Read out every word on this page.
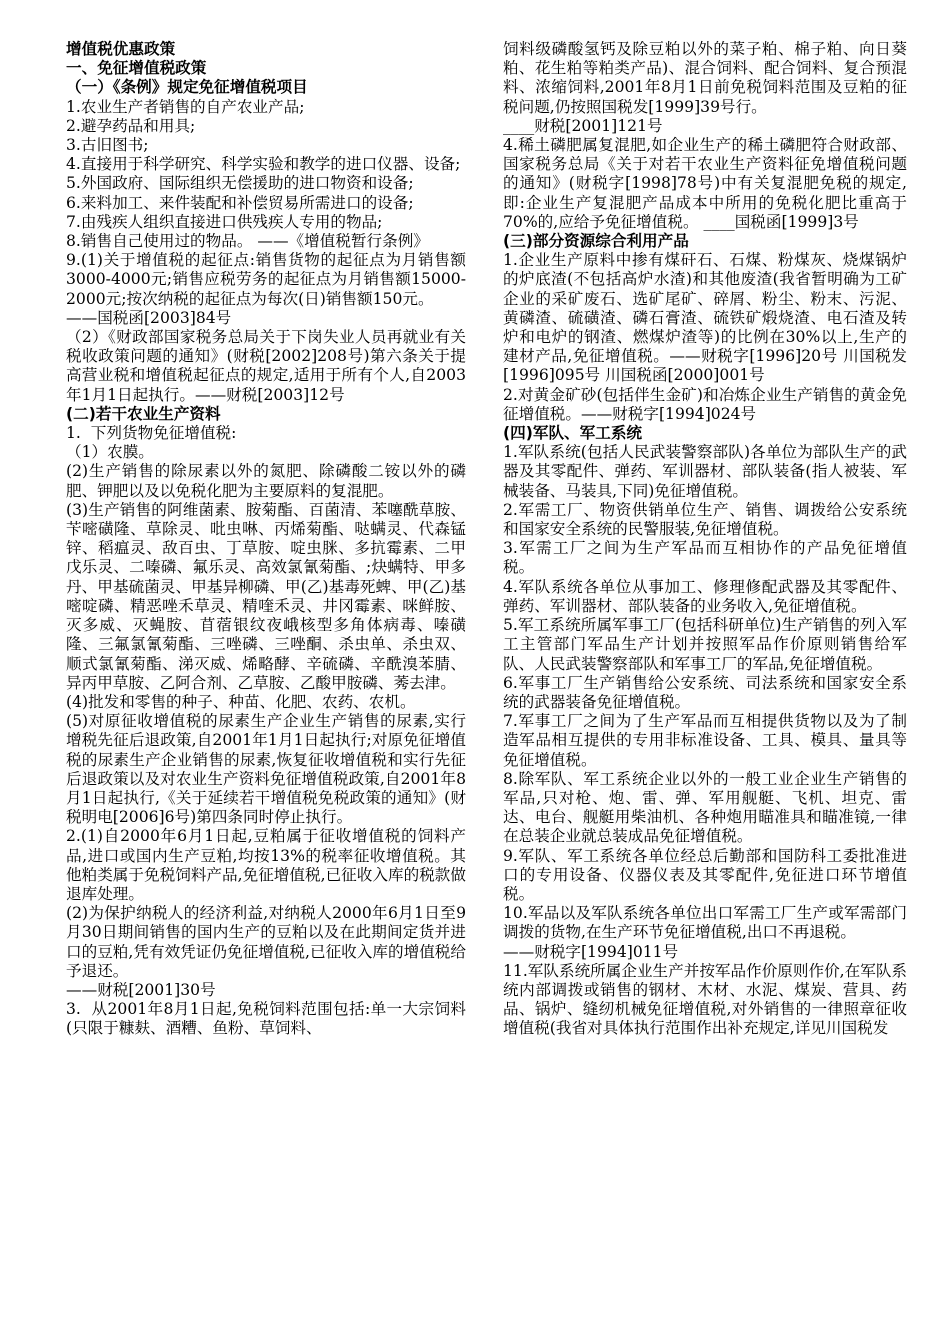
增值税优惠政策

一、免征增值税政策

（一）《条例》规定免征增值税项目

1.农业生产者销售的自产农业产品;

2.避孕药品和用具;

3.古旧图书;

4.直接用于科学研究、科学实验和教学的进口仪器、设备;

5.外国政府、国际组织无偿援助的进口物资和设备;

6.来料加工、来件装配和补偿贸易所需进口的设备;

7.由残疾人组织直接进口供残疾人专用的物品;

8.销售自己使用过的物品。 ——《增值税暂行条例》

9.(1)关于增值税的起征点:销售货物的起征点为月销售额3000-4000元;销售应税劳务的起征点为月销售额15000-2000元;按次纳税的起征点为每次(日)销售额150元。

——国税函[2003]84号

（2）《财政部国家税务总局关于下岗失业人员再就业有关税收政策问题的通知》(财税[2002]208号)第六条关于提高营业税和增值税起征点的规定,适用于所有个人,自2003年1月1日起执行。——财税[2003]12号

(二)若干农业生产资料

1.  下列货物免征增值税:

（1）农膜。

(2)生产销售的除尿素以外的氮肥、除磷酸二铵以外的磷肥、钾肥以及以免税化肥为主要原料的复混肥。

(3)生产销售的阿维菌素、胺菊酯、百菌清、苯噻酰草胺、苄嘧磺隆、草除灵、吡虫啉、丙烯菊酯、哒螨灵、代森锰锌、稻瘟灵、敌百虫、丁草胺、啶虫脒、多抗霉素、二甲戊乐灵、二嗪磷、氟乐灵、高效氯氰菊酯、;炔螨特、甲多丹、甲基硫菌灵、甲基异柳磷、甲(乙)基毒死蜱、甲(乙)基嘧啶磷、精恶唑禾草灵、精喹禾灵、井冈霉素、咪鲜胺、灭多威、灭蝇胺、苜蓿银纹夜峨核型多角体病毒、嗪磺隆、三氟氯氰菊酯、三唑磷、三唑酮、杀虫单、杀虫双、顺式氯氰菊酯、涕灭威、烯略酵、辛硫磷、辛酰溴苯腈、异丙甲草胺、乙阿合剂、乙草胺、乙酸甲胺磷、莠去津。

(4)批发和零售的种子、种苗、化肥、农药、农机。

(5)对原征收增值税的尿素生产企业生产销售的尿素,实行增税先征后退政策,自2001年1月1日起执行;对原免征增值税的尿素生产企业销售的尿素,恢复征收增值税和实行先征后退政策以及对农业生产资料免征增值税政策,自2001年8月1日起执行,《关于延续若干增值税免税政策的通知》(财税明电[2006]6号)第四条同时停止执行。

2.(1)自2000年6月1日起,豆粕属于征收增值税的饲料产品,进口或国内生产豆粕,均按13%的税率征收增值税。其他粕类属于免税饲料产品,免征增值税,已征收入库的税款做退库处理。

(2)为保护纳税人的经济利益,对纳税人2000年6月1日至9月30日期间销售的国内生产的豆粕以及在此期间定货并进口的豆粕,凭有效凭证仍免征增值税,已征收入库的增值税给予退还。

——财税[2001]30号

3.  从2001年8月1日起,免税饲料范围包括:单一大宗饲料(只限于糠麸、酒糟、鱼粉、草饲料、

饲料级磷酸氢钙及除豆粕以外的菜子粕、棉子粕、向日葵粕、花生粕等粕类产品)、混合饲料、配合饲料、复合预混料、浓缩饲料,2001年8月1日前免税饲料范围及豆粕的征税问题,仍按照国税发[1999]39号行。

____财税[2001]121号

4.稀土磷肥属复混肥,如企业生产的稀土磷肥符合财政部、国家税务总局《关于对若干农业生产资料征免增值税问题的通知》(财税字[1998]78号)中有关复混肥免税的规定,即:企业生产复混肥产品成本中所用的免税化肥比重高于70%的,应给予免征增值税。 ____国税函[1999]3号

(三)部分资源综合利用产品

1.企业生产原料中掺有煤矸石、石煤、粉煤灰、烧煤锅炉的炉底渣(不包括高炉水渣)和其他废渣(我省暂明确为工矿企业的采矿废石、选矿尾矿、碎屑、粉尘、粉末、污泥、黄磷渣、硫磺渣、磷石膏渣、硫铁矿煅烧渣、电石渣及转炉和电炉的钢渣、燃煤炉渣等)的比例在30%以上,生产的建材产品,免征增值税。——财税字[1996]20号 川国税发[1996]095号 川国税函[2000]001号

2.对黄金矿砂(包括伴生金矿)和冶炼企业生产销售的黄金免征增值税。——财税字[1994]024号

(四)军队、军工系统

1.军队系统(包括人民武装警察部队)各单位为部队生产的武器及其零配件、弹药、军训器材、部队装备(指人被装、军械装备、马装具,下同)免征增值税。

2.军需工厂、物资供销单位生产、销售、调拨给公安系统和国家安全系统的民警服装,免征增值税。

3.军需工厂之间为生产军品而互相协作的产品免征增值税。

4.军队系统各单位从事加工、修理修配武器及其零配件、弹药、军训器材、部队装备的业务收入,免征增值税。

5.军工系统所属军事工厂(包括科研单位)生产销售的列入军工主管部门军品生产计划并按照军品作价原则销售给军队、人民武装警察部队和军事工厂的军品,免征增值税。

6.军事工厂生产销售给公安系统、司法系统和国家安全系统的武器装备免征增值税。

7.军事工厂之间为了生产军品而互相提供货物以及为了制造军品相互提供的专用非标准设备、工具、模具、量具等免征增值税。

8.除军队、军工系统企业以外的一般工业企业生产销售的军品,只对枪、炮、雷、弹、军用舰艇、飞机、坦克、雷达、电台、舰艇用柴油机、各种炮用瞄准具和瞄准镜,一律在总装企业就总装成品免征增值税。

9.军队、军工系统各单位经总后勤部和国防科工委批准进口的专用设备、仪器仪表及其零配件,免征进口环节增值税。

10.军品以及军队系统各单位出口军需工厂生产或军需部门调拨的货物,在生产环节免征增值税,出口不再退税。

——财税字[1994]011号

11.军队系统所属企业生产并按军品作价原则作价,在军队系统内部调拨或销售的钢材、木材、水泥、煤炭、营具、药品、锅炉、缝纫机械免征增值税,对外销售的一律照章征收增值税(我省对具体执行范围作出补充规定,详见川国税发
